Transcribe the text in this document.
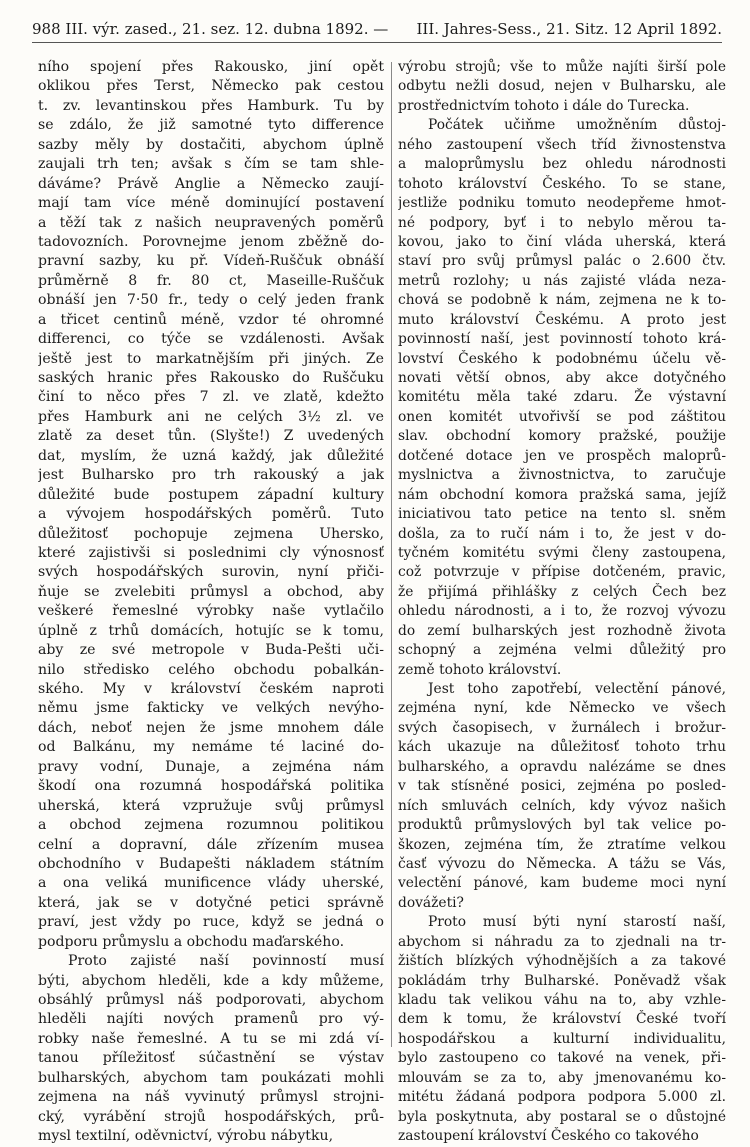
988 III. výr. zased., 21. sez. 12. dubna 1892. — III. Jahres-Sess., 21. Sitz. 12 April 1892.
ního spojení přes Rakousko, jiní opět
oklikou přes Terst, Německo pak cestou
t. zv. levantinskou přes Hamburk. Tu by
se zdálo, že již samotné tyto difference
sazby měly by dostačiti, abychom úplně
zaujali trh ten; avšak s čím se tam shle-
dáváme? Právě Anglie a Německo zaují-
mají tam více méně dominující postavení
a těží tak z našich neupravených poměrů
tadovozních. Porovnejme jenom zběžně do-
pravní sazby, ku př. Vídeň-Ruščuk obnáší
průměrně 8 fr. 80 ct, Maseille-Ruščuk
obnáší jen 7·50 fr., tedy o celý jeden frank
a třicet centinů méně, vzdor té ohromné
differenci, co týče se vzdálenosti. Avšak
ještě jest to markatnějším při jiných. Ze
saských hranic přes Rakousko do Ruščuku
činí to něco přes 7 zl. ve zlatě, kdežto
přes Hamburk ani ne celých 3½ zl. ve
zlatě za deset tůn. (Slyšte!) Z uvedených
dat, myslím, že uzná každý, jak důležité
jest Bulharsko pro trh rakouský a jak
důležité bude postupem západní kultury
a vývojem hospodářských poměrů. Tuto
důležitosť pochopuje zejmena Uhersko,
které zajistivši si poslednimi cly výnosnosť
svých hospodářských surovin, nyní přiči-
ňuje se zvelebiti průmysl a obchod, aby
veškeré řemeslné výrobky naše vytlačilo
úplně z trhů domácích, hotujíc se k tomu,
aby ze své metropole v Buda-Pešti uči-
nilo středisko celého obchodu pobalkán-
ského. My v království českém naproti
němu jsme fakticky ve velkých nevýho-
dách, neboť nejen že jsme mnohem dále
od Balkánu, my nemáme té laciné do-
pravy vodní, Dunaje, a zejména nám
škodí ona rozumná hospodářská politika
uherská, která vzpružuje svůj průmysl
a obchod zejmena rozumnou politikou
celní a dopravní, dále zřízením musea
obchodního v Budapešti nákladem státním
a ona veliká munificence vlády uherské,
která, jak se v dotyčné petici správně
praví, jest vždy po ruce, když se jedná o
podporu průmyslu a obchodu maďarského.
Proto zajisté naší povinností musí
býti, abychom hleděli, kde a kdy můžeme,
obsáhlý průmysl náš podporovati, abychom
hleděli najíti nových pramenů pro vý-
robky naše řemeslné. A tu se mi zdá ví-
tanou příležitosť súčastnění se výstav
bulharských, abychom tam poukázati mohli
zejmena na náš vyvinutý průmysl strojni-
cký, vyrábění strojů hospodářských, prů-
mysl textilní, oděvnictví, výrobu nábytku,
výrobu strojů; vše to může najíti širší pole
odbytu nežli dosud, nejen v Bulharsku, ale
prostřednictvím tohoto i dále do Turecka.
Počátek učiňme umožněním důstoj-
ného zastoupení všech tříd živnostenstva
a maloprůmyslu bez ohledu národnosti
tohoto království Českého. To se stane,
jestliže podniku tomuto neodepřeme hmot-
né podpory, byť i to nebylo měrou ta-
kovou, jako to činí vláda uherská, která
staví pro svůj průmysl palác o 2.600 čtv.
metrů rozlohy; u nás zajisté vláda neza-
chová se podobně k nám, zejmena ne k to-
muto království Českému. A proto jest
povinností naší, jest povinností tohoto krá-
lovství Českého k podobnému účelu vě-
novati větší obnos, aby akce dotyčného
komitétu měla také zdaru. Že výstavní
onen komitét utvořivší se pod záštitou
slav. obchodní komory pražské, použije
dotčené dotace jen ve prospěch maloprů-
myslnictva a živnostnictva, to zaručuje
nám obchodní komora pražská sama, jejíž
iniciativou tato petice na tento sl. sněm
došla, za to ručí nám i to, že jest v do-
tyčném komitétu svými členy zastoupena,
což potvrzuje v přípise dotčeném, pravic,
že přijímá přihlášky z celých Čech bez
ohledu národnosti, a i to, že rozvoj vývozu
do zemí bulharských jest rozhodně života
schopný a zejména velmi důležitý pro
země tohoto království.
Jest toho zapotřebí, velectění pánové,
zejména nyní, kde Německo ve všech
svých časopisech, v žurnálech i brožur-
kách ukazuje na důležitosť tohoto trhu
bulharského, a opravdu nalézáme se dnes
v tak stísněné posici, zejména po posled-
ních smluvách celních, kdy vývoz našich
produktů průmyslových byl tak velice po-
škozen, zejména tím, že ztratíme velkou
časť vývozu do Německa. A tážu se Vás,
velectění pánové, kam budeme moci nyní
dovážeti?
Proto musí býti nyní starostí naší,
abychom si náhradu za to zjednali na tr-
žištích blízkých výhodnějších a za takové
pokládám trhy Bulharské. Poněvadž však
kladu tak velikou váhu na to, aby vzhle-
dem k tomu, že království České tvoří
hospodářskou a kulturní individualitu,
bylo zastoupeno co takové na venek, při-
mlouvám se za to, aby jmenovanému ko-
mitétu žádaná podpora podpora 5.000 zl.
byla poskytnuta, aby postaral se o důstojné
zastoupení království Českého co takového
